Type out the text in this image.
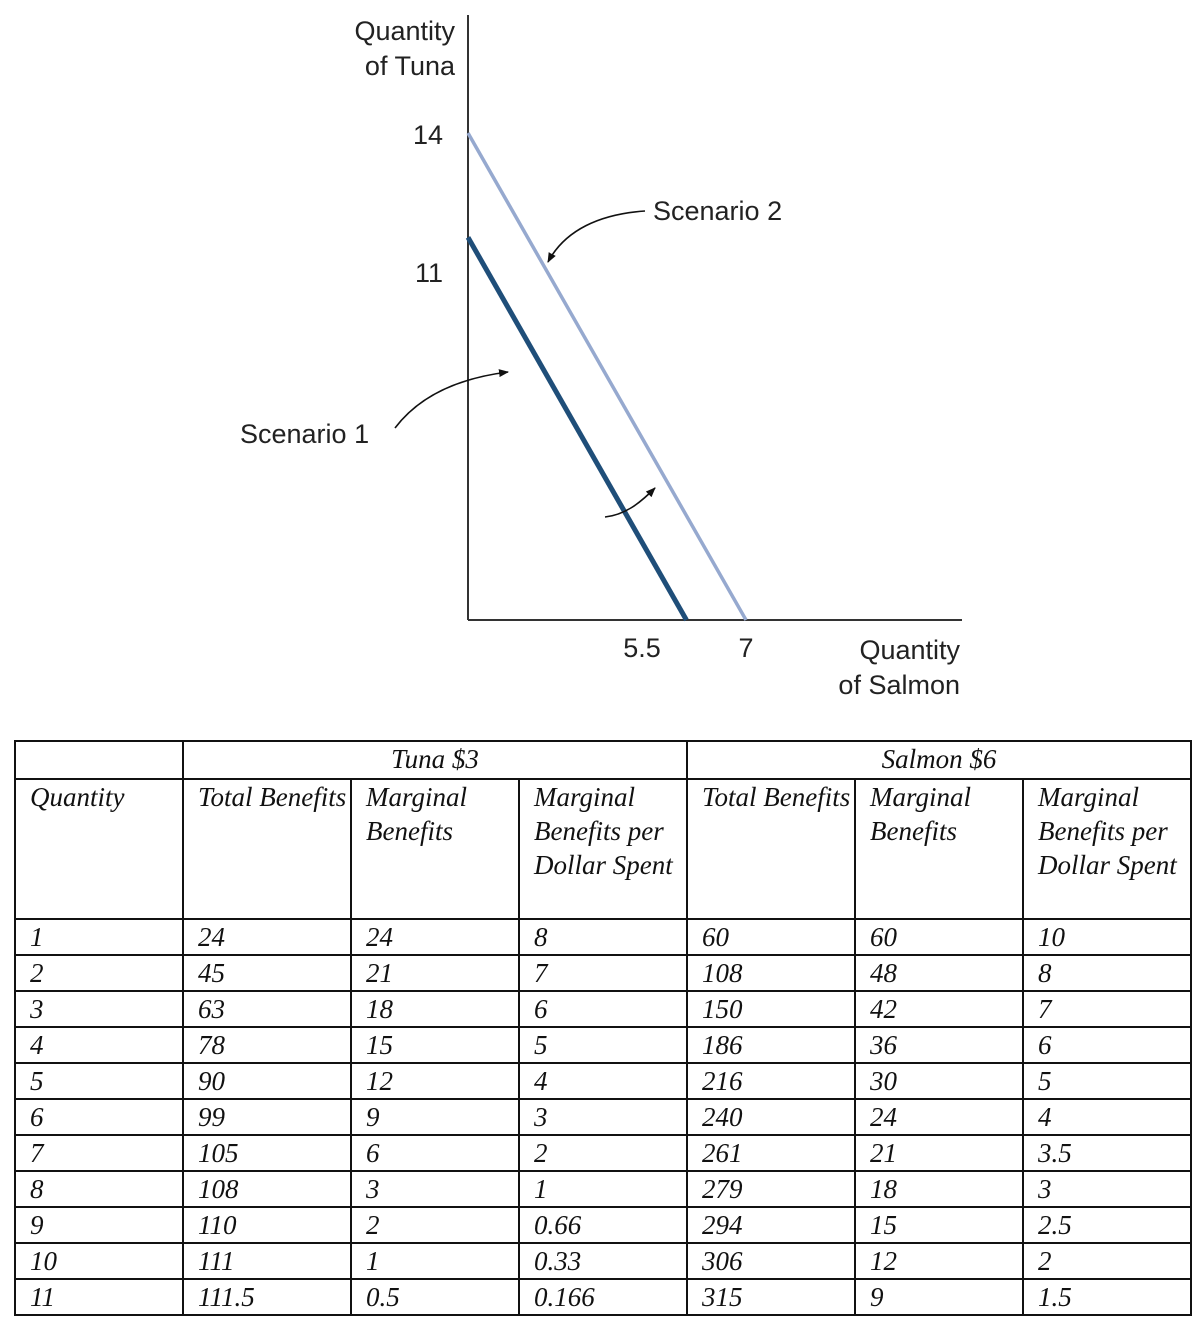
Quantity
of Tuna
Quantity
of Salmon
14
11
5.5	7
Scenario 2
Scenario 1
	Tuna $3			Salmon $6		
Quantity	Total Benefits	Marginal Benefits	Marginal Benefits per Dollar Spent	Total Benefits	Marginal Benefits	Marginal Benefits per Dollar Spent
1	24	24	8	60	60	10
2	45	21	7	108	48	8
3	63	18	6	150	42	7
4	78	15	5	186	36	6
5	90	12	4	216	30	5
6	99	9	3	240	24	4
7	105	6	2	261	21	3.5
8	108	3	1	279	18	3
9	110	2	0.66	294	15	2.5
10	111	1	0.33	306	12	2
11	111.5	0.5	0.166	315	9	1.5
